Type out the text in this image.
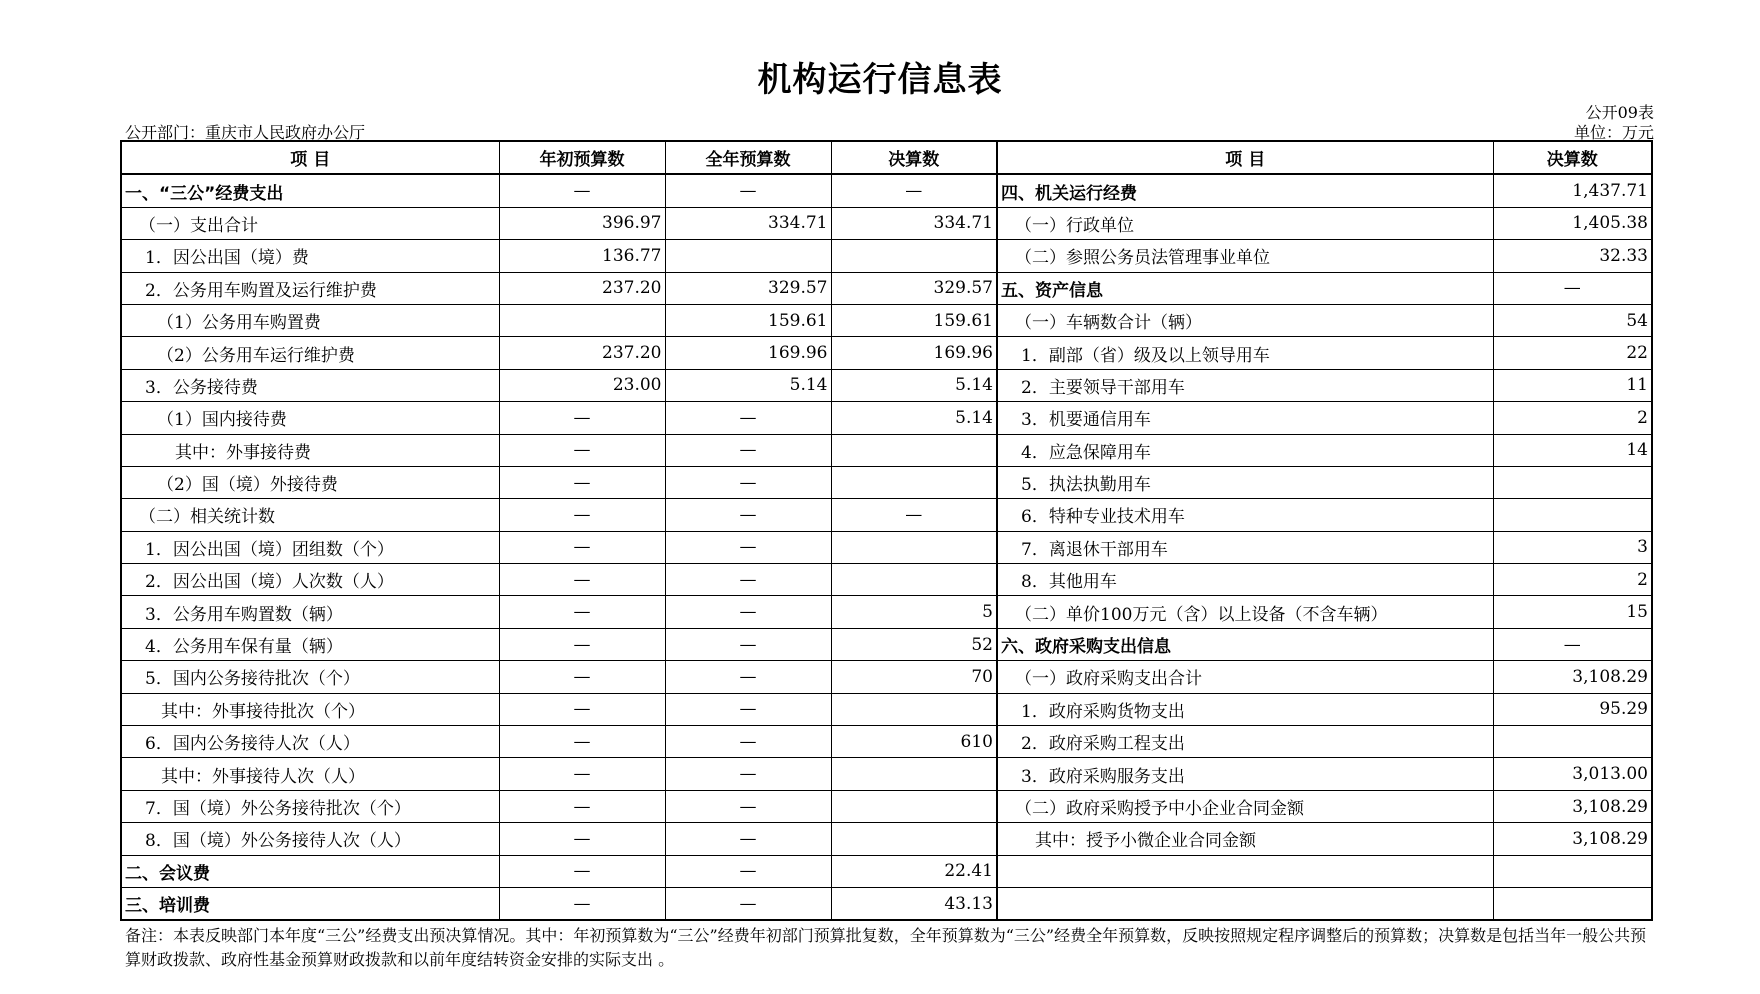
机构运行信息表
公开09表
单位：万元
公开部门：重庆市人民政府办公厅
项 目	年初预算数	全年预算数	决算数	项 目	决算数
一、“三公”经费支出	—	—	—	四、机关运行经费	1,437.71
（一）支出合计	396.97	334.71	334.71	（一）行政单位	1,405.38
1．因公出国（境）费	136.77			（二）参照公务员法管理事业单位	32.33
2．公务用车购置及运行维护费	237.20	329.57	329.57	五、资产信息	—
（1）公务用车购置费		159.61	159.61	（一）车辆数合计（辆）	54
（2）公务用车运行维护费	237.20	169.96	169.96	1．副部（省）级及以上领导用车	22
3．公务接待费	23.00	5.14	5.14	2．主要领导干部用车	11
（1）国内接待费	—	—	5.14	3．机要通信用车	2
其中：外事接待费	—	—		4．应急保障用车	14
（2）国（境）外接待费	—	—		5．执法执勤用车	
（二）相关统计数	—	—	—	6．特种专业技术用车	
1．因公出国（境）团组数（个）	—	—		7．离退休干部用车	3
2．因公出国（境）人次数（人）	—	—		8．其他用车	2
3．公务用车购置数（辆）	—	—	5	（二）单价100万元（含）以上设备（不含车辆）	15
4．公务用车保有量（辆）	—	—	52	六、政府采购支出信息	—
5．国内公务接待批次（个）	—	—	70	（一）政府采购支出合计	3,108.29
其中：外事接待批次（个）	—	—		1．政府采购货物支出	95.29
6．国内公务接待人次（人）	—	—	610	2．政府采购工程支出	
其中：外事接待人次（人）	—	—		3．政府采购服务支出	3,013.00
7．国（境）外公务接待批次（个）	—	—		（二）政府采购授予中小企业合同金额	3,108.29
8．国（境）外公务接待人次（人）	—	—		其中：授予小微企业合同金额	3,108.29
二、会议费	—	—	22.41		
三、培训费	—	—	43.13		
备注：本表反映部门本年度“三公”经费支出预决算情况。其中：年初预算数为“三公”经费年初部门预算批复数，全年预算数为“三公”经费全年预算数，反映按照规定程序调整后的预算数；决算数是包括当年一般公共预算财政拨款、政府性基金预算财政拨款和以前年度结转资金安排的实际支出 。
